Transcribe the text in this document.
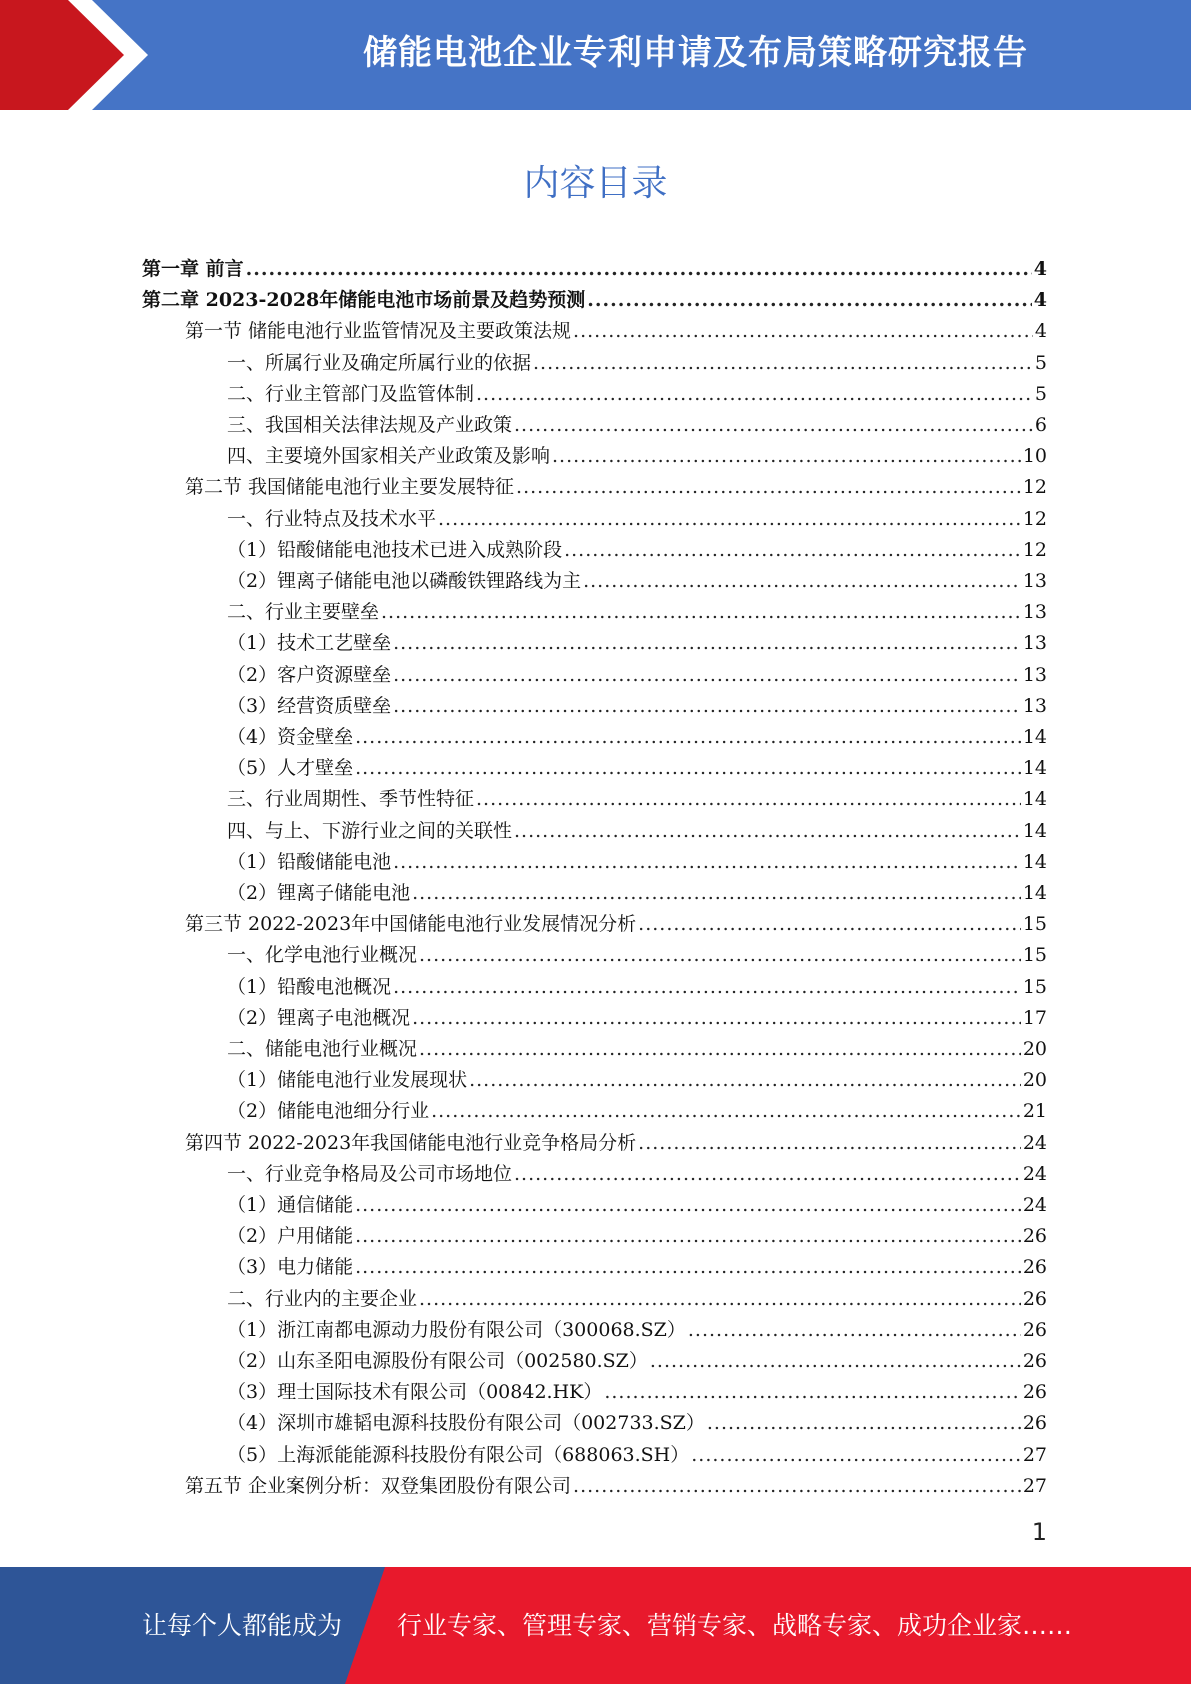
储能电池企业专利申请及布局策略研究报告
内容目录
第一章 前言 .....	4
第二章 2023-2028年储能电池市场前景及趋势预测 .....	4
第一节 储能电池行业监管情况及主要政策法规 .....	4
一、所属行业及确定所属行业的依据 .....	5
二、行业主管部门及监管体制 .....	5
三、我国相关法律法规及产业政策 .....	6
四、主要境外国家相关产业政策及影响 .....	10
第二节 我国储能电池行业主要发展特征 .....	12
一、行业特点及技术水平 .....	12
（1）铅酸储能电池技术已进入成熟阶段 .....	12
（2）锂离子储能电池以磷酸铁锂路线为主 .....	13
二、行业主要壁垒 .....	13
（1）技术工艺壁垒 .....	13
（2）客户资源壁垒 .....	13
（3）经营资质壁垒 .....	13
（4）资金壁垒 .....	14
（5）人才壁垒 .....	14
三、行业周期性、季节性特征 .....	14
四、与上、下游行业之间的关联性 .....	14
（1）铅酸储能电池 .....	14
（2）锂离子储能电池 .....	14
第三节 2022-2023年中国储能电池行业发展情况分析 .....	15
一、化学电池行业概况 .....	15
（1）铅酸电池概况 .....	15
（2）锂离子电池概况 .....	17
二、储能电池行业概况 .....	20
（1）储能电池行业发展现状 .....	20
（2）储能电池细分行业 .....	21
第四节 2022-2023年我国储能电池行业竞争格局分析 .....	24
一、行业竞争格局及公司市场地位 .....	24
（1）通信储能 .....	24
（2）户用储能 .....	26
（3）电力储能 .....	26
二、行业内的主要企业 .....	26
（1）浙江南都电源动力股份有限公司（300068.SZ） .....	26
（2）山东圣阳电源股份有限公司（002580.SZ） .....	26
（3）理士国际技术有限公司（00842.HK） .....	26
（4）深圳市雄韬电源科技股份有限公司（002733.SZ） .....	26
（5）上海派能能源科技股份有限公司（688063.SH） .....	27
第五节 企业案例分析：双登集团股份有限公司 .....	27
1
让每个人都能成为 行业专家、管理专家、营销专家、战略专家、成功企业家……
